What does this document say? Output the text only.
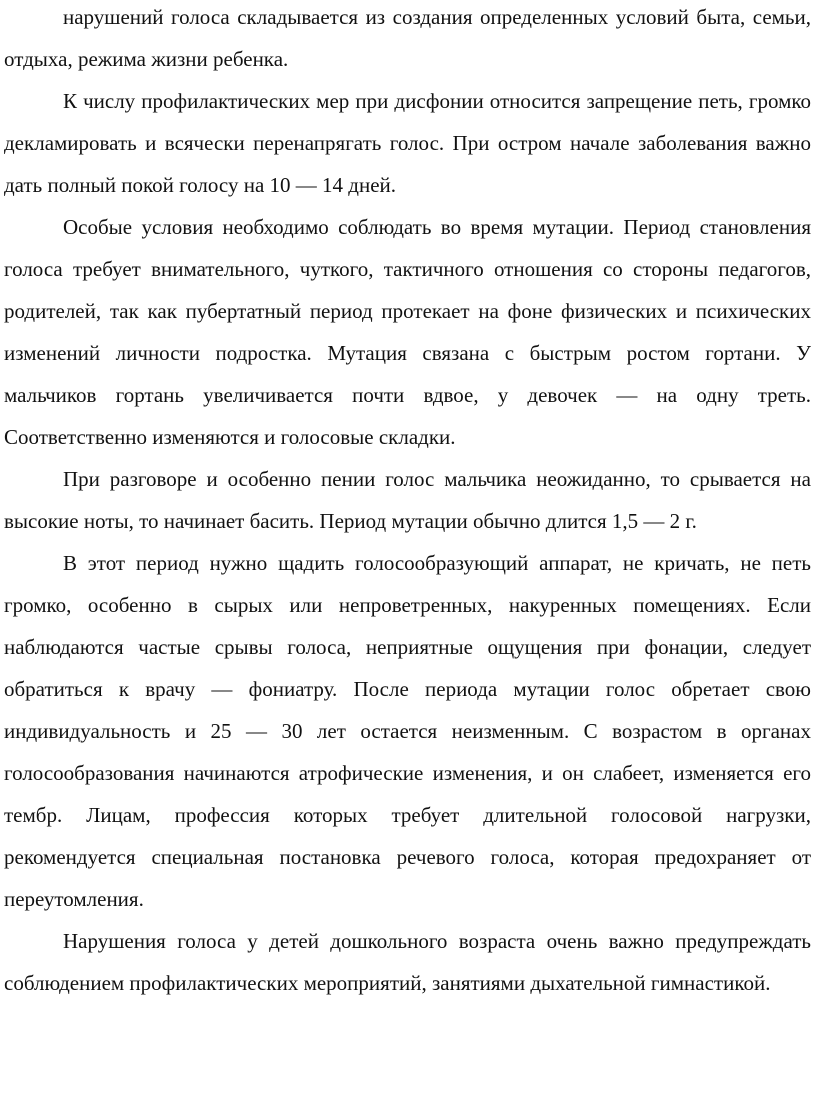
нарушений голоса складывается из создания определенных условий быта, семьи, отдыха, режима жизни ребенка.

К числу профилактических мер при дисфонии относится запрещение петь, громко декламировать и всячески перенапрягать голос. При остром начале заболевания важно дать полный покой голосу на 10 — 14 дней.

Особые условия необходимо соблюдать во время мутации. Период становления голоса требует внимательного, чуткого, тактичного отношения со стороны педагогов, родителей, так как пубертатный период протекает на фоне физических и психических изменений личности подростка. Мутация связана с быстрым ростом гортани. У мальчиков гортань увеличивается почти вдвое, у девочек — на одну треть. Соответственно изменяются и голосовые складки.

При разговоре и особенно пении голос мальчика неожиданно, то срывается на высокие ноты, то начинает басить. Период мутации обычно длится 1,5 — 2 г.

В этот период нужно щадить голосообразующий аппарат, не кричать, не петь громко, особенно в сырых или непроветренных, накуренных помещениях. Если наблюдаются частые срывы голоса, неприятные ощущения при фонации, следует обратиться к врачу — фониатру. После периода мутации голос обретает свою индивидуальность и 25 — 30 лет остается неизменным. С возрастом в органах голосообразования начинаются атрофические изменения, и он слабеет, изменяется его тембр. Лицам, профессия которых требует длительной голосовой нагрузки, рекомендуется специальная постановка речевого голоса, которая предохраняет от переутомления.

Нарушения голоса у детей дошкольного возраста очень важно предупреждать соблюдением профилактических мероприятий, занятиями дыхательной гимнастикой.
